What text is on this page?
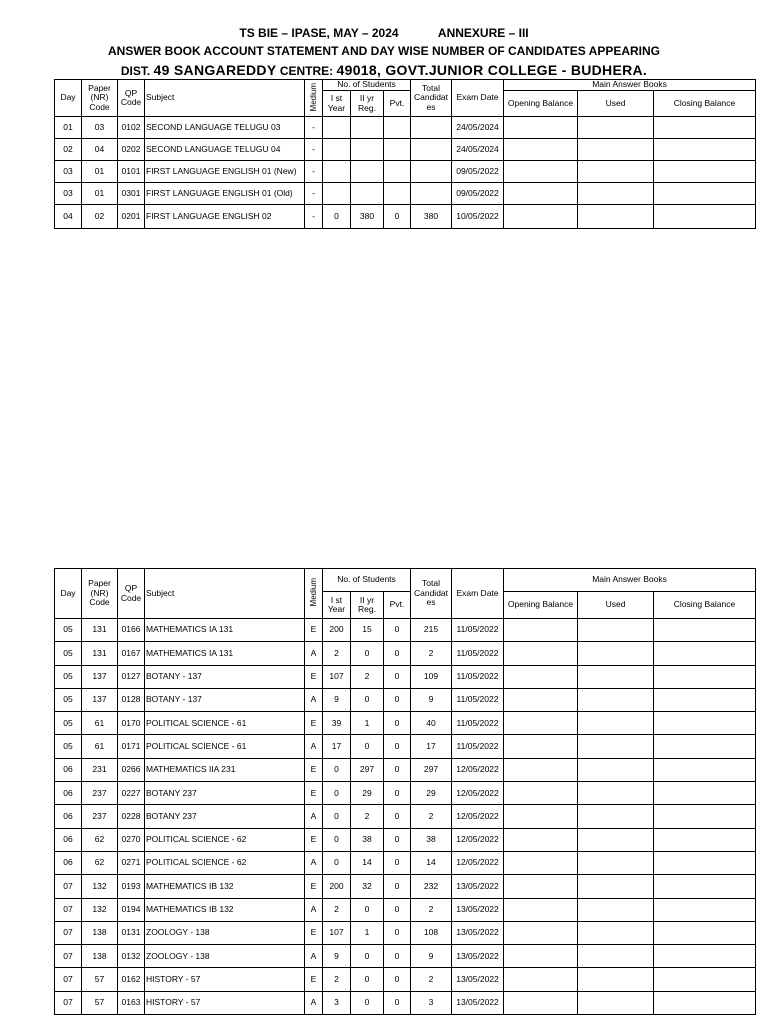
TS BIE – IPASE, MAY – 2024	ANNEXURE – III
ANSWER BOOK ACCOUNT STATEMENT AND DAY WISE NUMBER OF CANDIDATES APPEARING
DIST. 49 SANGAREDDY CENTRE: 49018, GOVT.JUNIOR COLLEGE - BUDHERA.
Day	Paper (NR) Code	QP Code	Subject	Medium	No. of Students			Total Candidat es	Exam Date	Main Answer Books		
					I st Year	II yr Reg.	Pvt.			Opening Balance	Used	Closing Balance
01	03	0102	SECOND LANGUAGE TELUGU 03	-					24/05/2024			
02	04	0202	SECOND LANGUAGE TELUGU 04	-					24/05/2024			
03	01	0101	FIRST LANGUAGE ENGLISH 01 (New)	-					09/05/2022			
03	01	0301	FIRST LANGUAGE ENGLISH 01 (Old)	-					09/05/2022			
04	02	0201	FIRST LANGUAGE ENGLISH 02	-	0	380	0	380	10/05/2022			
Day	Paper (NR) Code	QP Code	Subject	Medium	No. of Students			Total Candidat es	Exam Date	Main Answer Books		
					I st Year	II yr Reg.	Pvt.			Opening Balance	Used	Closing Balance
05	131	0166	MATHEMATICS IA 131	E	200	15	0	215	11/05/2022			
05	131	0167	MATHEMATICS IA 131	A	2	0	0	2	11/05/2022			
05	137	0127	BOTANY - 137	E	107	2	0	109	11/05/2022			
05	137	0128	BOTANY - 137	A	9	0	0	9	11/05/2022			
05	61	0170	POLITICAL SCIENCE - 61	E	39	1	0	40	11/05/2022			
05	61	0171	POLITICAL SCIENCE - 61	A	17	0	0	17	11/05/2022			
06	231	0266	MATHEMATICS IIA 231	E	0	297	0	297	12/05/2022			
06	237	0227	BOTANY 237	E	0	29	0	29	12/05/2022			
06	237	0228	BOTANY 237	A	0	2	0	2	12/05/2022			
06	62	0270	POLITICAL SCIENCE - 62	E	0	38	0	38	12/05/2022			
06	62	0271	POLITICAL SCIENCE - 62	A	0	14	0	14	12/05/2022			
07	132	0193	MATHEMATICS IB 132	E	200	32	0	232	13/05/2022			
07	132	0194	MATHEMATICS IB 132	A	2	0	0	2	13/05/2022			
07	138	0131	ZOOLOGY - 138	E	107	1	0	108	13/05/2022			
07	138	0132	ZOOLOGY - 138	A	9	0	0	9	13/05/2022			
07	57	0162	HISTORY - 57	E	2	0	0	2	13/05/2022			
07	57	0163	HISTORY - 57	A	3	0	0	3	13/05/2022			
